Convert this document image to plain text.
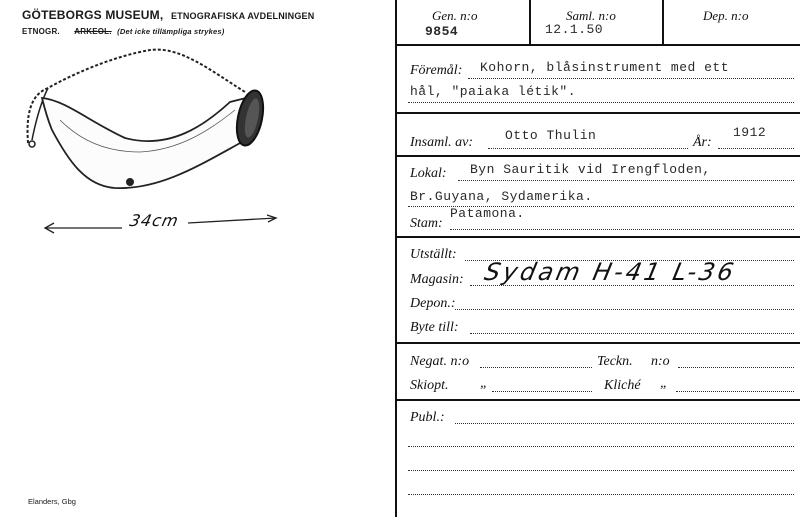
GÖTEBORGS MUSEUM, ETNOGRAFISKA AVDELNINGEN
ETNOGR. ARKEOL. (Det icke tillämpliga strykes)
34cm
Elanders, Gbg
Gen. n:o
9854
Saml. n:o
12.1.50
Dep. n:o
Föremål: Kohorn, blåsinstrument med ett
hål, "paiaka létik".
Insaml. av: Otto Thulin	År:
1912
Lokal: Byn Sauritik vid Irengfloden,
Br.Guyana, Sydamerika.
Stam:
Patamona.
Utställt:
Magasin: Sydam H-41 L-36
Depon.:
Byte till:
Negat. n:o	Teckn. n:o
Skiopt. „	Kliché „
Publ.:
